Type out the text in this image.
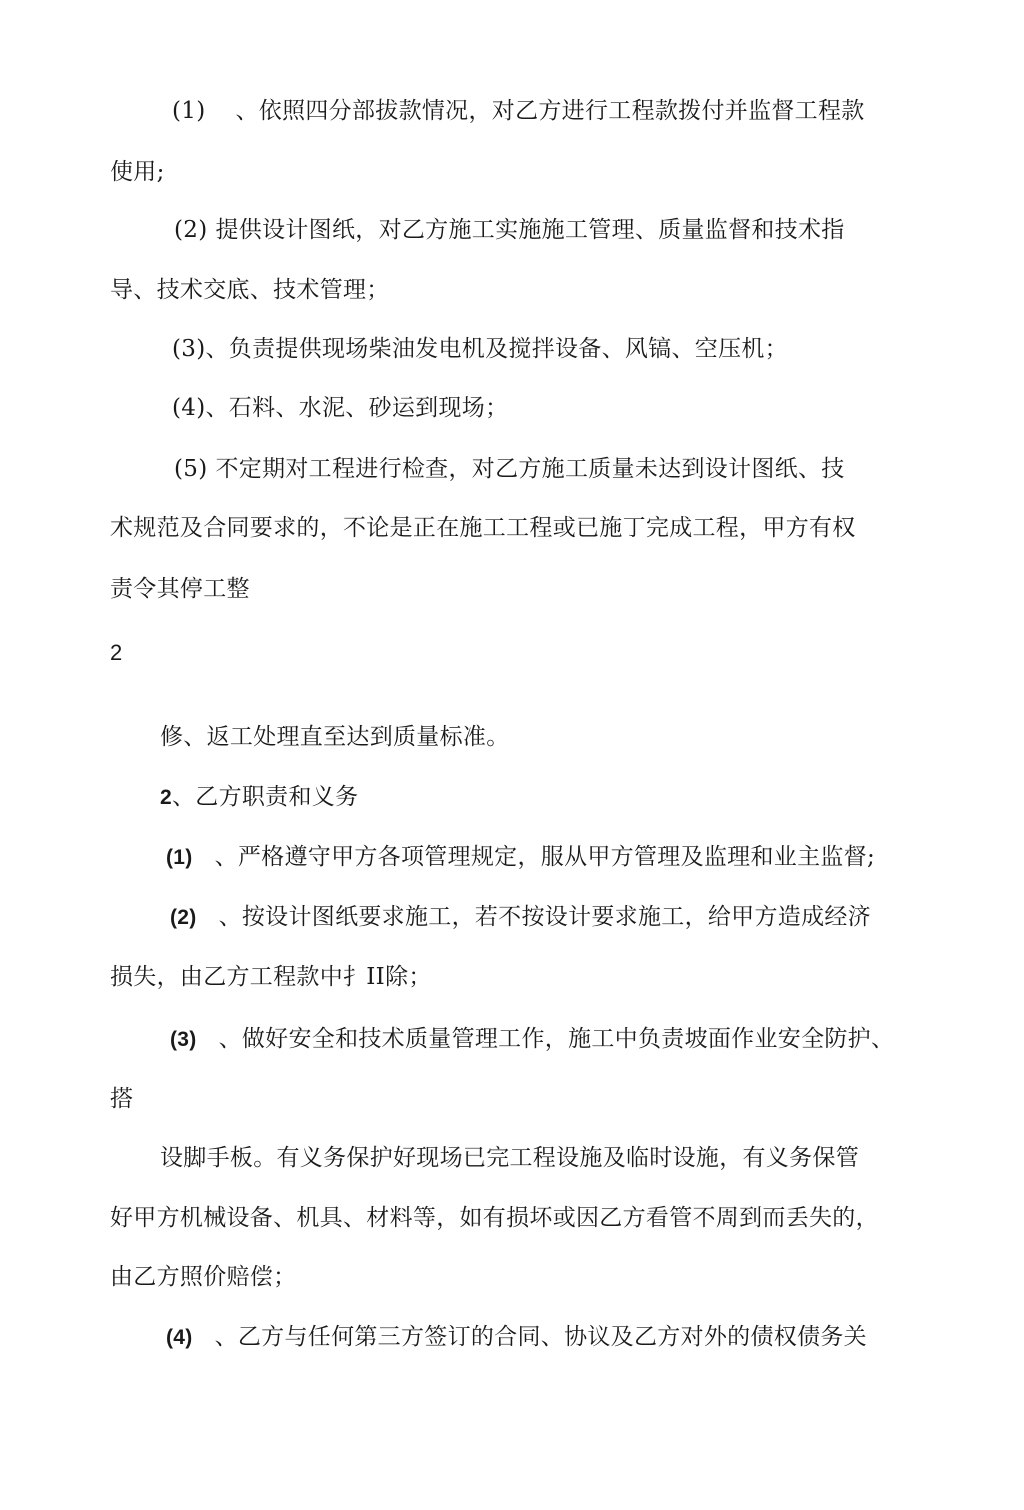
(1) 、依照四分部拔款情况，对乙方进行工程款拨付并监督工程款
使用;
(2) 提供设计图纸，对乙方施工实施施工管理、质量监督和技术指
导、技术交底、技术管理；
(3)、负责提供现场柴油发电机及搅拌设备、风镐、空压机；
(4)、石料、水泥、砂运到现场；
(5) 不定期对工程进行检查，对乙方施工质量未达到设计图纸、技
术规范及合同要求的，不论是正在施工工程或已施丁完成工程，甲方有权
责令其停工整
2
修、返工处理直至达到质量标准。
2、乙方职责和义务
(1) 、严格遵守甲方各项管理规定，服从甲方管理及监理和业主监督;
(2) 、按设计图纸要求施工，若不按设计要求施工，给甲方造成经济
损失，由乙方工程款中扌II除；
(3) 、做好安全和技术质量管理工作，施工中负责坡面作业安全防护、
搭
设脚手板。有义务保护好现场已完工程设施及临时设施，有义务保管
好甲方机械设备、机具、材料等，如有损坏或因乙方看管不周到而丢失的，
由乙方照价赔偿；
(4) 、乙方与任何第三方签订的合同、协议及乙方对外的债权债务关
